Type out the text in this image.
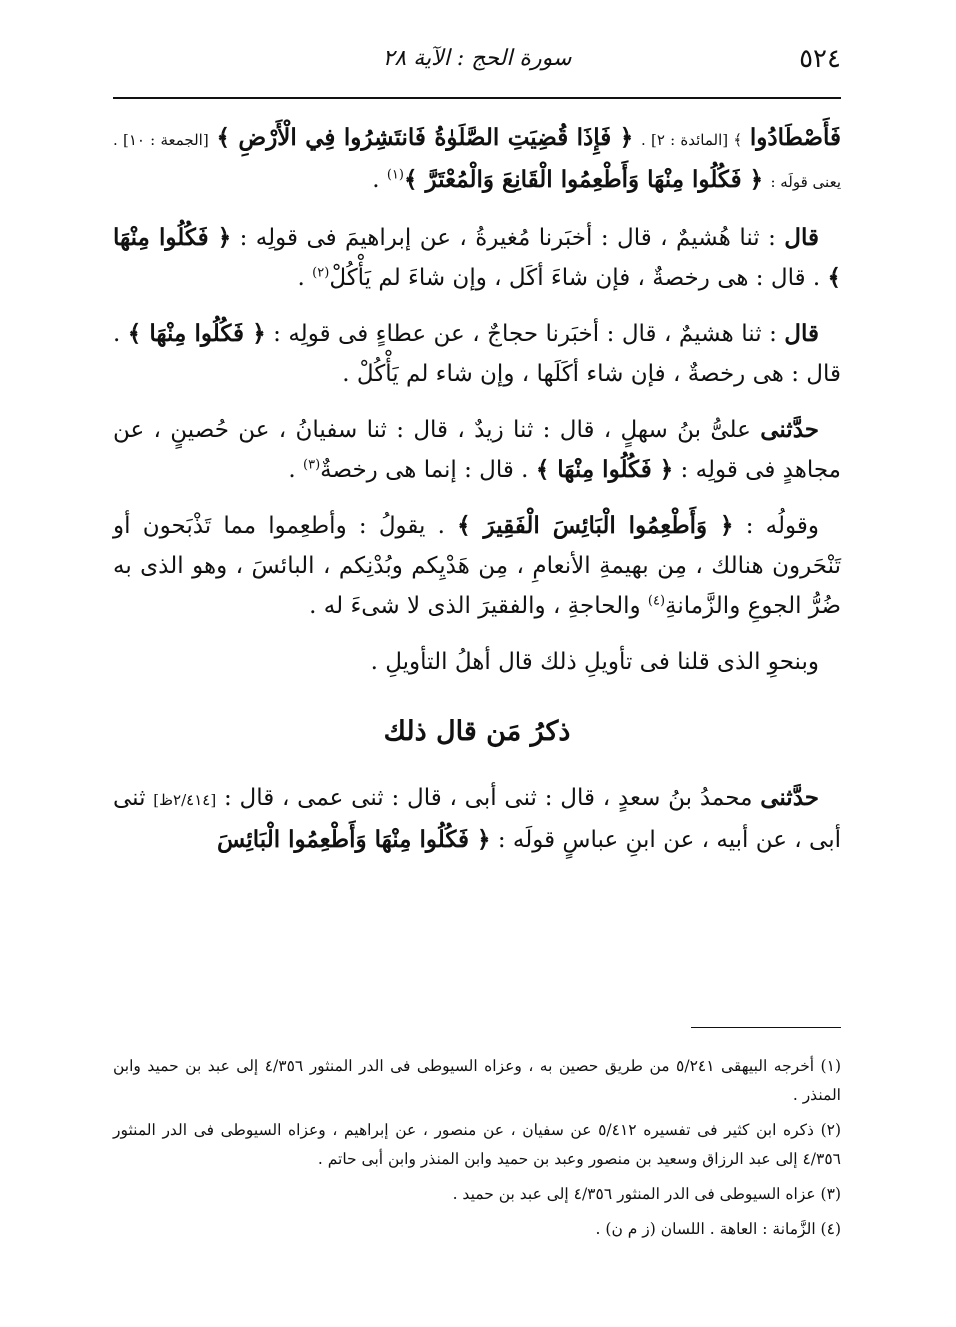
٥٢٤
سورة الحج : الآية ٢٨

فَأَصْطَادُوا ﴾ [المائدة : ٢] . ﴿ فَإِذَا قُضِيَتِ الصَّلَوٰةُ فَانتَشِرُوا فِي الْأَرْضِ ﴾ [الجمعة : ١٠] . يعنى قولَه : ﴿ فَكُلُوا مِنْهَا وَأَطْعِمُوا الْقَانِعَ وَالْمُعْتَرَّ ﴾$^{(١)}$ .

قال : ثنا هُشيمٌ ، قال : أخبَرنا مُغيرةُ ، عن إبراهيمَ فى قولِه : ﴿ فَكُلُوا مِنْهَا ﴾ . قال : هى رخصةٌ ، فإن شاءَ أكَل ، وإن شاءَ لم يَأْكُلْ$^{(٢)}$ .

قال : ثنا هشيمٌ ، قال : أخبَرنا حجاجٌ ، عن عطاءٍ فى قولِه : ﴿ فَكُلُوا مِنْهَا ﴾ . قال : هى رخصةٌ ، فإن شاء أكَلَها ، وإن شاء لم يَأْكُلْ .

حدَّثنى علىُّ بنُ سهلٍ ، قال : ثنا زيدٌ ، قال : ثنا سفيانُ ، عن حُصينٍ ، عن مجاهدٍ فى قولِه : ﴿ فَكُلُوا مِنْهَا ﴾ . قال : إنما هى رخصةٌ$^{(٣)}$ .

وقولُه : ﴿ وَأَطْعِمُوا الْبَائِسَ الْفَقِيرَ ﴾ . يقولُ : وأطعِموا مما تَذْبَحون أو تَنْحَرون هنالك ، مِن بهيمةِ الأنعامِ ، مِن هَدْيِكم وبُدْنِكم ، البائسَ ، وهو الذى به ضُرُّ الجوعِ والزَّمانةِ$^{(٤)}$ والحاجةِ ، والفقيرَ الذى لا شىءَ له .

وبنحوِ الذى قلنا فى تأويلِ ذلك قال أهلُ التأويلِ .

ذكرُ مَن قال ذلك

حدَّثنى محمدُ بنُ سعدٍ ، قال : ثنى أبى ، قال : ثنى عمى ، قال : [٢/٤١٤ظ] ثنى أبى ، عن أبيه ، عن ابنِ عباسٍ قولَه : ﴿ فَكُلُوا مِنْهَا وَأَطْعِمُوا الْبَائِسَ

(١) أخرجه البيهقى ٥/٢٤١ من طريق حصين به ، وعزاه السيوطى فى الدر المنثور ٤/٣٥٦ إلى عبد بن حميد وابن المنذر .

(٢) ذكره ابن كثير فى تفسيره ٥/٤١٢ عن سفيان ، عن منصور ، عن إبراهيم ، وعزاه السيوطى فى الدر المنثور ٤/٣٥٦ إلى عبد الرزاق وسعيد بن منصور وعبد بن حميد وابن المنذر وابن أبى حاتم .

(٣) عزاه السيوطى فى الدر المنثور ٤/٣٥٦ إلى عبد بن حميد .

(٤) الزَّمانة : العاهة . اللسان (ز م ن) .
